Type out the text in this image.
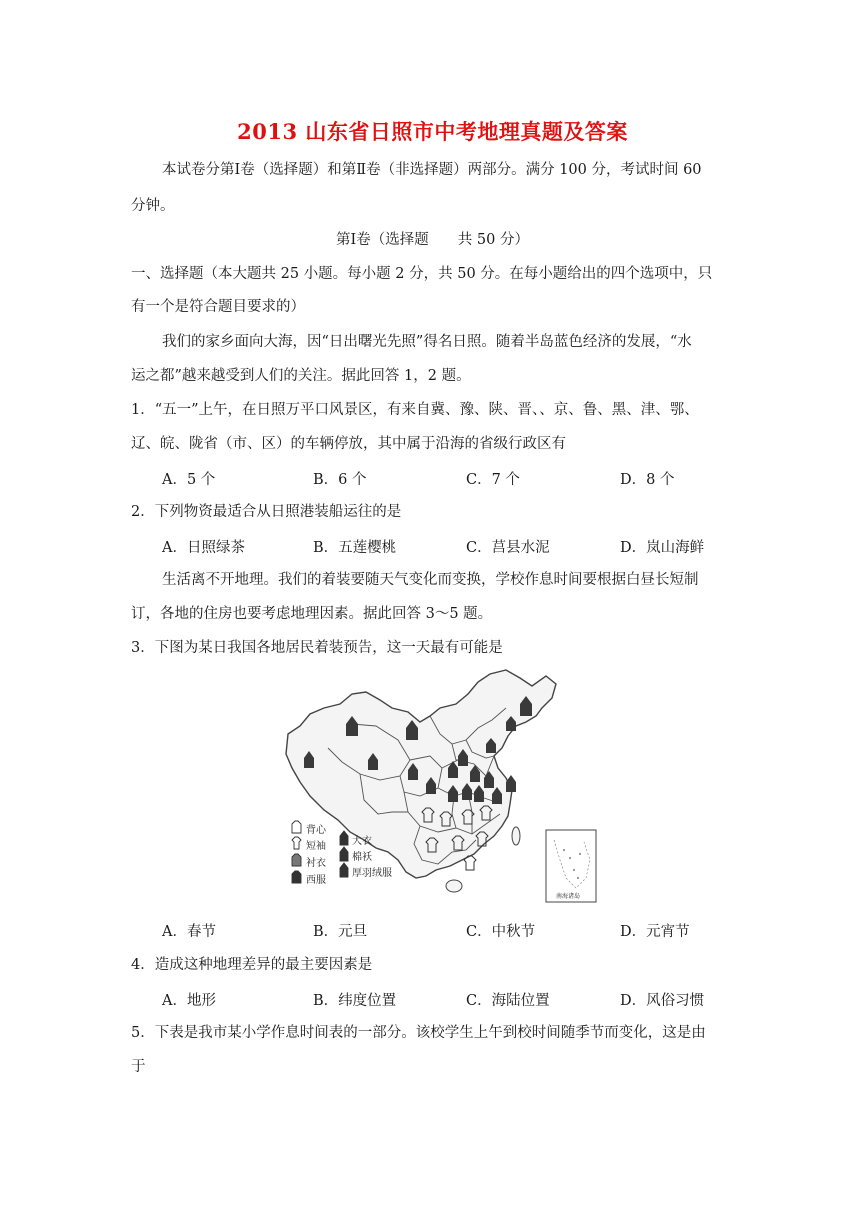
2013 山东省日照市中考地理真题及答案
本试卷分第Ⅰ卷（选择题）和第Ⅱ卷（非选择题）两部分。满分 100 分，考试时间 60
分钟。
第Ⅰ卷（选择题　　共 50 分）
一、选择题（本大题共 25 小题。每小题 2 分，共 50 分。在每小题给出的四个选项中，只
有一个是符合题目要求的）
我们的家乡面向大海，因“日出曙光先照”得名日照。随着半岛蓝色经济的发展，“水
运之都”越来越受到人们的关注。据此回答 1，2 题。
1．“五一”上午，在日照万平口风景区，有来自冀、豫、陕、晋、、京、鲁、黑、津、鄂、
辽、皖、陇省（市、区）的车辆停放，其中属于沿海的省级行政区有
A．5 个	B．6 个	C．7 个	D．8 个
2．下列物资最适合从日照港装船运往的是
A．日照绿茶	B．五莲樱桃	C．莒县水泥	D．岚山海鲜
生活离不开地理。我们的着装要随天气变化而变换，学校作息时间要根据白昼长短制
订，各地的住房也要考虑地理因素。据此回答 3～5 题。
3．下图为某日我国各地居民着装预告，这一天最有可能是
背心
短袖
衬衣
西服
大衣
棉袄
厚羽绒服
南海诸岛
A．春节	B．元旦	C．中秋节	D．元宵节
4．造成这种地理差异的最主要因素是
A．地形	B．纬度位置	C．海陆位置	D．风俗习惯
5．下表是我市某小学作息时间表的一部分。该校学生上午到校时间随季节而变化，这是由
于
